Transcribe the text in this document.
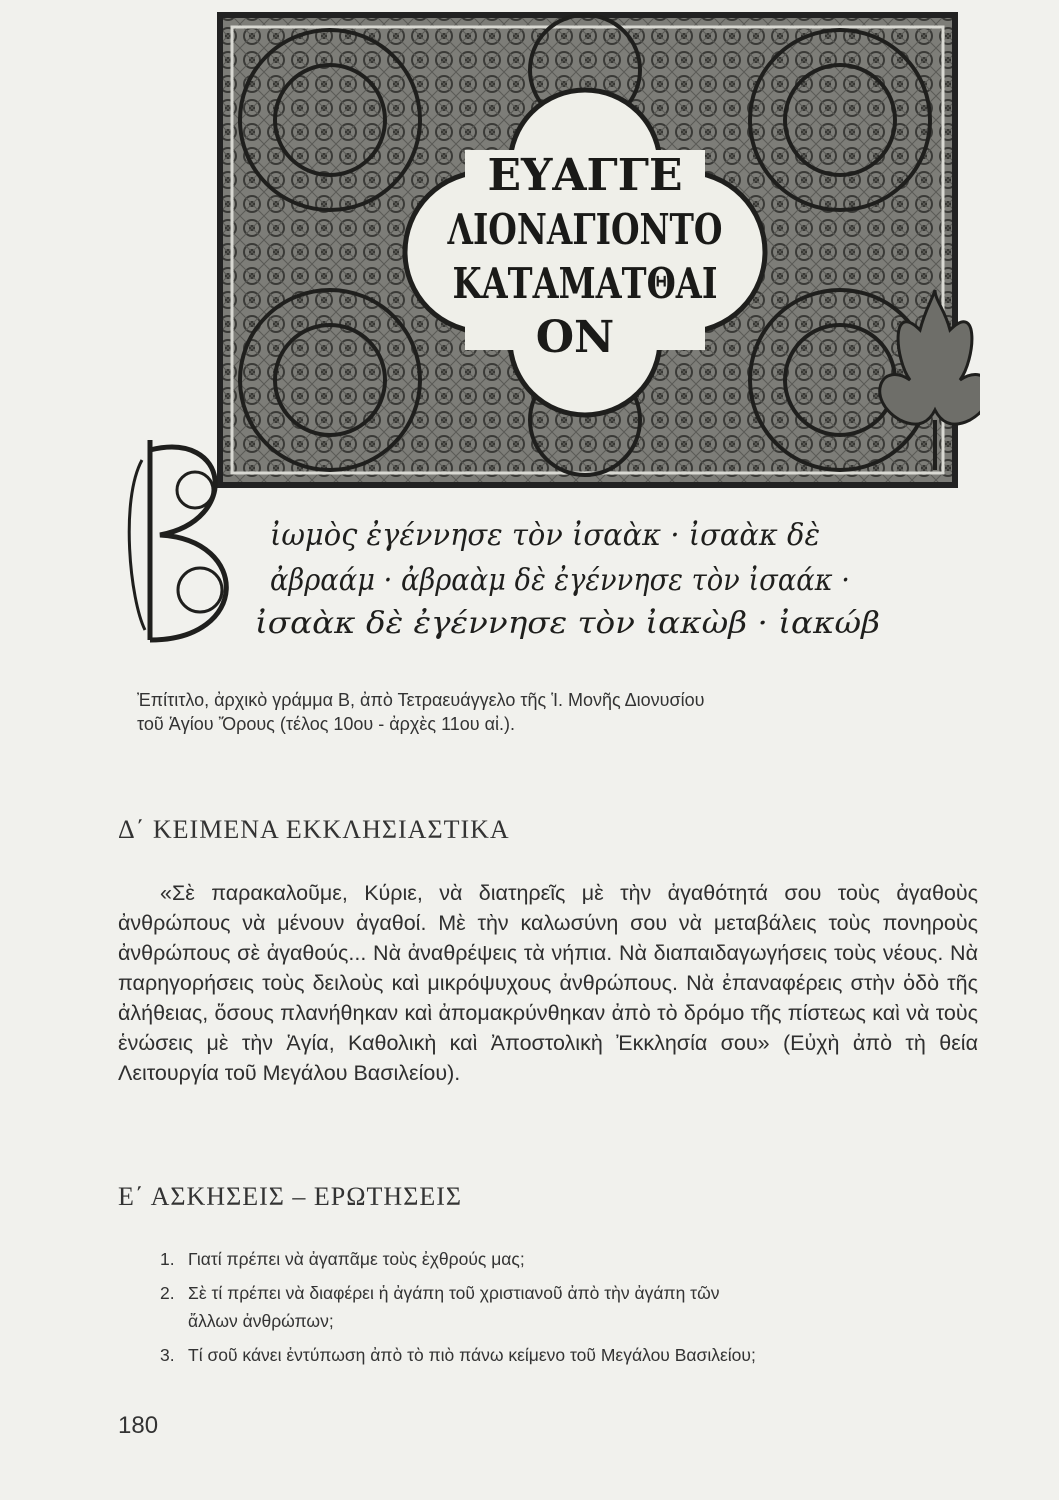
ΕΥΑΓΓΕ
ΛΙΟΝΑΓΙΟΝΤΟ
ΚΑΤΑΜΑΤΘΑΙ
ΟΝ
Β
ἰωμὸς ἐγέννησε τὸν ἰσαὰκ · ἰσαὰκ δὲ
ἀβραάμ · ἀβραὰμ δὲ ἐγέννησε τὸν ἰσαάκ ·
ἰσαὰκ δὲ ἐγέννησε τὸν ἰακὼβ · ἰακώβ
Ἐπίτιτλο, ἀρχικὸ γράμμα Β, ἀπὸ Τετραευάγγελο τῆς Ἱ. Μονῆς Διονυσίου
τοῦ Ἁγίου Ὄρους (τέλος 10ου - ἀρχὲς 11ου αἰ.).
Δ΄ ΚΕΙΜΕΝΑ ΕΚΚΛΗΣΙΑΣΤΙΚΑ

«Σὲ παρακαλοῦμε, Κύριε, νὰ διατηρεῖς μὲ τὴν ἀγαθότητά σου τοὺς ἀγαθοὺς ἀνθρώπους νὰ μένουν ἀγαθοί. Μὲ τὴν καλωσύνη σου νὰ μεταβάλεις τοὺς πονηροὺς ἀνθρώπους σὲ ἀγαθούς... Νὰ ἀναθρέψεις τὰ νήπια. Νὰ διαπαιδαγωγήσεις τοὺς νέους. Νὰ παρηγορήσεις τοὺς δειλοὺς καὶ μικρόψυχους ἀνθρώπους. Νὰ ἐπαναφέρεις στὴν ὁδὸ τῆς ἀλήθειας, ὅσους πλανήθηκαν καὶ ἀπομακρύνθηκαν ἀπὸ τὸ δρόμο τῆς πίστεως καὶ νὰ τοὺς ἑνώσεις μὲ τὴν Ἁγία, Καθολικὴ καὶ Ἀποστολικὴ Ἐκκλησία σου» (Εὐχὴ ἀπὸ τὴ θεία Λειτουργία τοῦ Μεγάλου Βασιλείου).

Ε΄ ΑΣΚΗΣΕΙΣ – ΕΡΩΤΗΣΕΙΣ
1. Γιατί πρέπει νὰ ἀγαπᾶμε τοὺς ἐχθρούς μας;
2. Σὲ τί πρέπει νὰ διαφέρει ἡ ἀγάπη τοῦ χριστιανοῦ ἀπὸ τὴν ἀγάπη τῶν
ἄλλων ἀνθρώπων;
3. Τί σοῦ κάνει ἐντύπωση ἀπὸ τὸ πιὸ πάνω κείμενο τοῦ Μεγάλου Βασιλείου;
180
